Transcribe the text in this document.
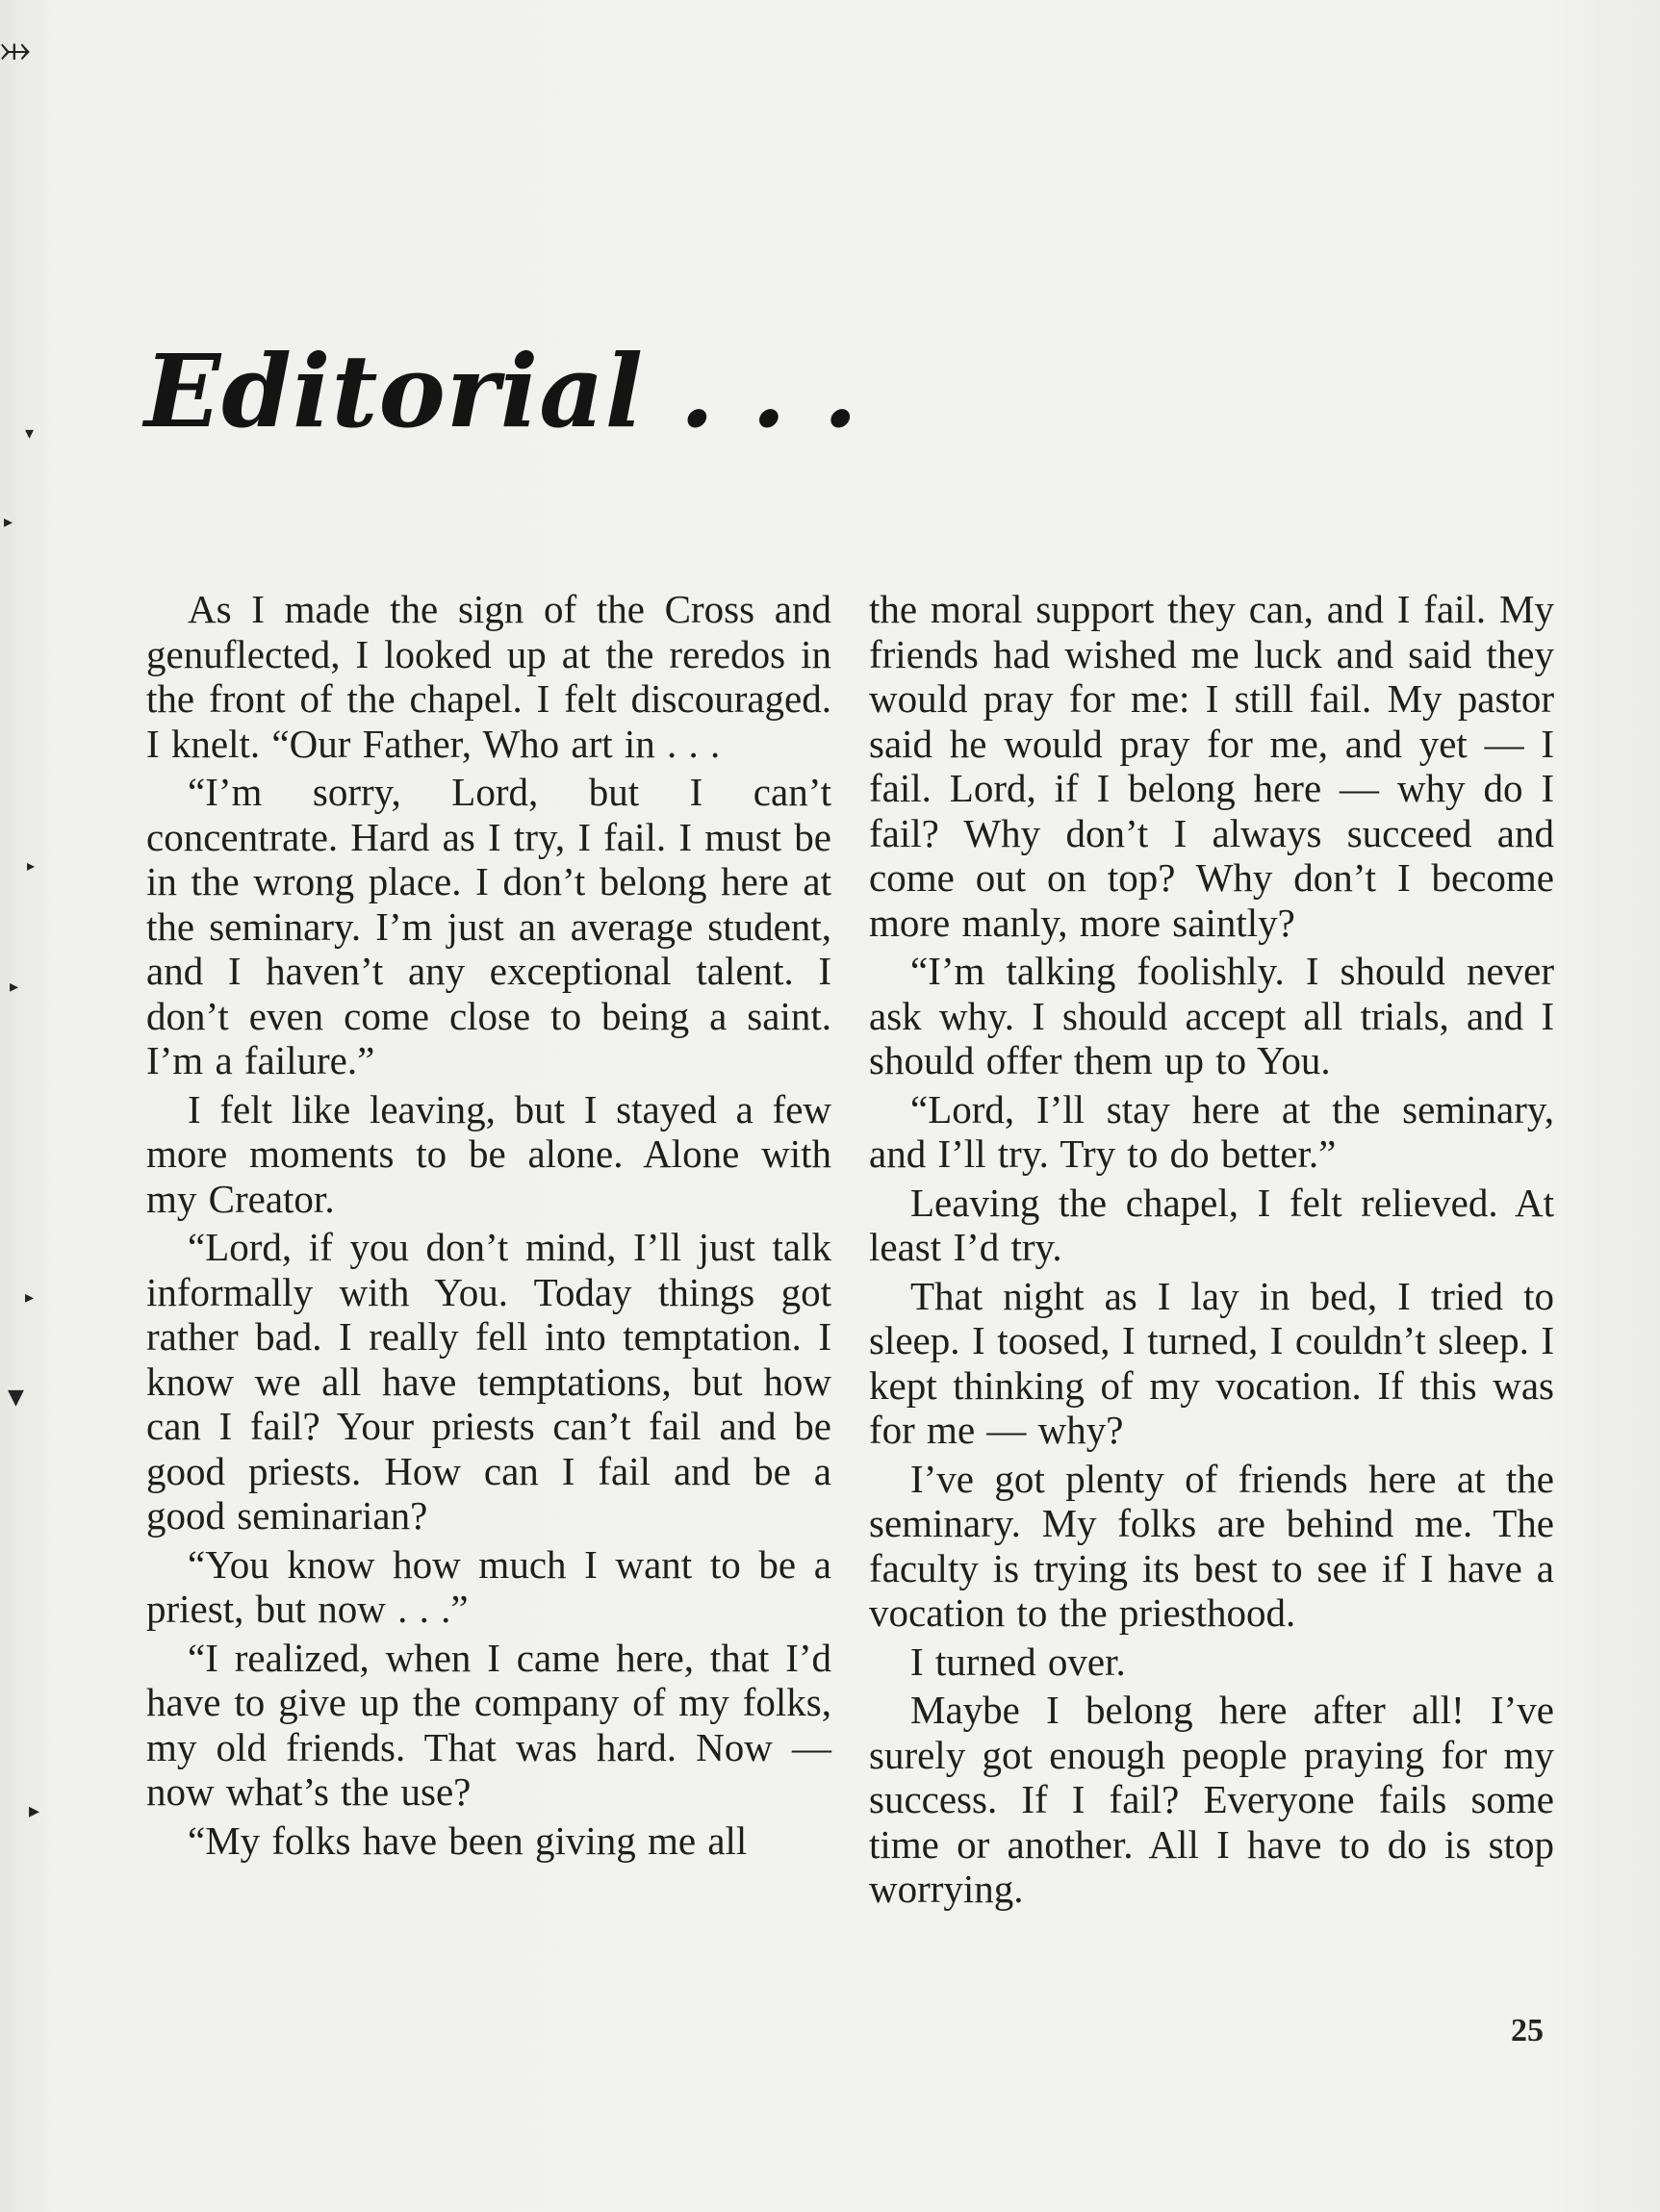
⤔
▾
▸
▸
▸
▸
▼
▸
Editorial . . .

As I made the sign of the Cross and genuflected, I looked up at the reredos in the front of the chapel. I felt discouraged. I knelt. “Our Father, Who art in . . .

“I’m sorry, Lord, but I can’t concentrate. Hard as I try, I fail. I must be in the wrong place. I don’t belong here at the seminary. I’m just an average student, and I haven’t any exceptional talent. I don’t even come close to being a saint. I’m a failure.”

I felt like leaving, but I stayed a few more moments to be alone. Alone with my Creator.

“Lord, if you don’t mind, I’ll just talk informally with You. Today things got rather bad. I really fell into temptation. I know we all have temptations, but how can I fail? Your priests can’t fail and be good priests. How can I fail and be a good seminarian?

“You know how much I want to be a priest, but now . . .”

“I realized, when I came here, that I’d have to give up the company of my folks, my old friends. That was hard. Now — now what’s the use?

“My folks have been giving me all

the moral support they can, and I fail. My friends had wished me luck and said they would pray for me: I still fail. My pastor said he would pray for me, and yet — I fail. Lord, if I belong here — why do I fail? Why don’t I always succeed and come out on top? Why don’t I become more manly, more saintly?

“I’m talking foolishly. I should never ask why. I should accept all trials, and I should offer them up to You.

“Lord, I’ll stay here at the seminary, and I’ll try. Try to do better.”

Leaving the chapel, I felt relieved. At least I’d try.

That night as I lay in bed, I tried to sleep. I toosed, I turned, I couldn’t sleep. I kept thinking of my vocation. If this was for me — why?

I’ve got plenty of friends here at the seminary. My folks are behind me. The faculty is trying its best to see if I have a vocation to the priesthood.

I turned over.

Maybe I belong here after all! I’ve surely got enough people praying for my success. If I fail? Everyone fails some time or another. All I have to do is stop worrying.

25
